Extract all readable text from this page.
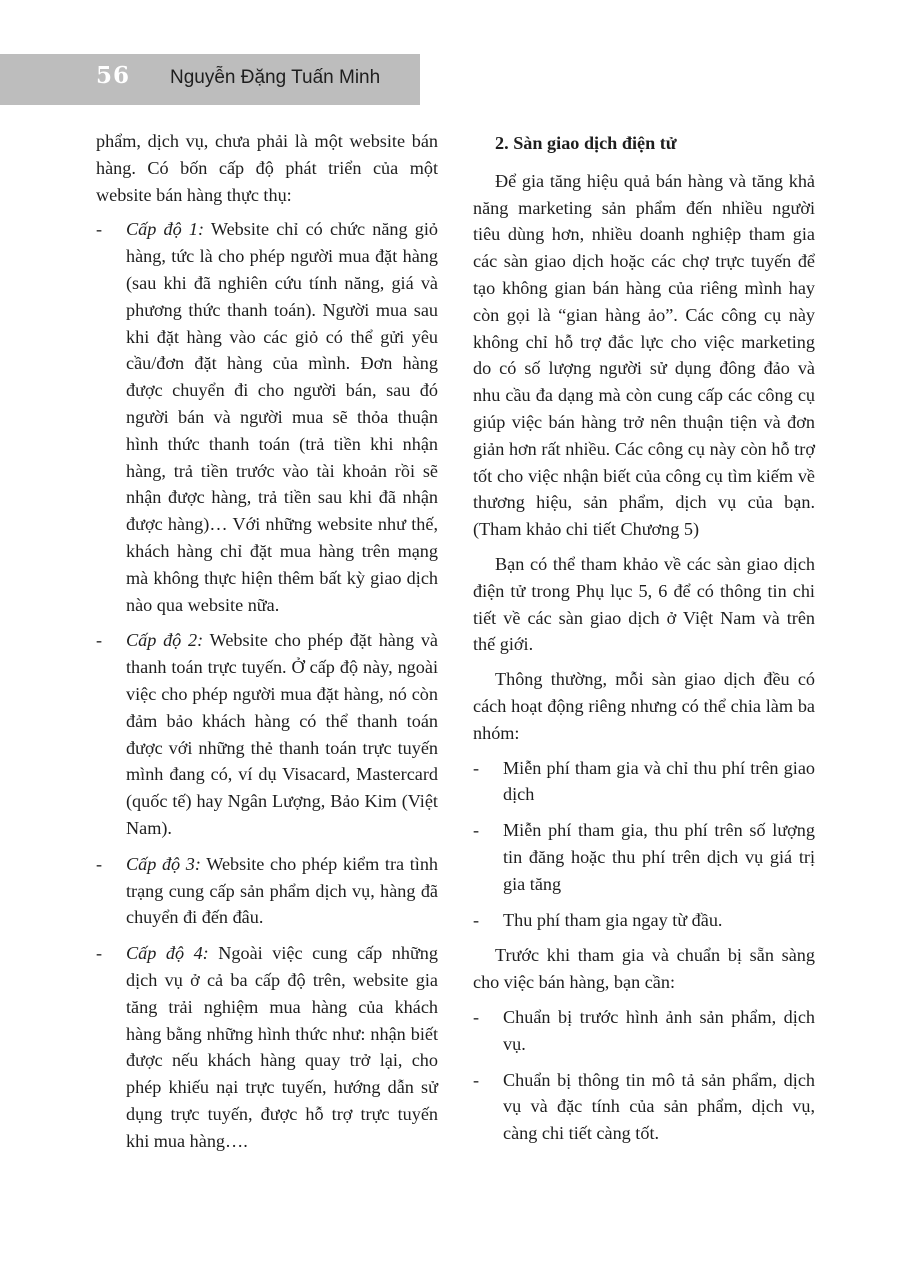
56 Nguyễn Đặng Tuấn Minh

phẩm, dịch vụ, chưa phải là một website bán hàng. Có bốn cấp độ phát triển của một website bán hàng thực thụ:

- Cấp độ 1: Website chỉ có chức năng giỏ hàng, tức là cho phép người mua đặt hàng (sau khi đã nghiên cứu tính năng, giá và phương thức thanh toán). Người mua sau khi đặt hàng vào các giỏ có thể gửi yêu cầu/đơn đặt hàng của mình. Đơn hàng được chuyển đi cho người bán, sau đó người bán và người mua sẽ thỏa thuận hình thức thanh toán (trả tiền khi nhận hàng, trả tiền trước vào tài khoản rồi sẽ nhận được hàng, trả tiền sau khi đã nhận được hàng)… Với những website như thế, khách hàng chỉ đặt mua hàng trên mạng mà không thực hiện thêm bất kỳ giao dịch nào qua website nữa.
- Cấp độ 2: Website cho phép đặt hàng và thanh toán trực tuyến. Ở cấp độ này, ngoài việc cho phép người mua đặt hàng, nó còn đảm bảo khách hàng có thể thanh toán được với những thẻ thanh toán trực tuyến mình đang có, ví dụ Visacard, Mastercard (quốc tế) hay Ngân Lượng, Bảo Kim (Việt Nam).
- Cấp độ 3: Website cho phép kiểm tra tình trạng cung cấp sản phẩm dịch vụ, hàng đã chuyển đi đến đâu.
- Cấp độ 4: Ngoài việc cung cấp những dịch vụ ở cả ba cấp độ trên, website gia tăng trải nghiệm mua hàng của khách hàng bằng những hình thức như: nhận biết được nếu khách hàng quay trở lại, cho phép khiếu nại trực tuyến, hướng dẫn sử dụng trực tuyến, được hỗ trợ trực tuyến khi mua hàng….

2. Sàn giao dịch điện tử

Để gia tăng hiệu quả bán hàng và tăng khả năng marketing sản phẩm đến nhiều người tiêu dùng hơn, nhiều doanh nghiệp tham gia các sàn giao dịch hoặc các chợ trực tuyến để tạo không gian bán hàng của riêng mình hay còn gọi là “gian hàng ảo”. Các công cụ này không chỉ hỗ trợ đắc lực cho việc marketing do có số lượng người sử dụng đông đảo và nhu cầu đa dạng mà còn cung cấp các công cụ giúp việc bán hàng trở nên thuận tiện và đơn giản hơn rất nhiều. Các công cụ này còn hỗ trợ tốt cho việc nhận biết của công cụ tìm kiếm về thương hiệu, sản phẩm, dịch vụ của bạn. (Tham khảo chi tiết Chương 5)

Bạn có thể tham khảo về các sàn giao dịch điện tử trong Phụ lục 5, 6 để có thông tin chi tiết về các sàn giao dịch ở Việt Nam và trên thế giới.

Thông thường, mỗi sàn giao dịch đều có cách hoạt động riêng nhưng có thể chia làm ba nhóm:

- Miễn phí tham gia và chỉ thu phí trên giao dịch
- Miễn phí tham gia, thu phí trên số lượng tin đăng hoặc thu phí trên dịch vụ giá trị gia tăng
- Thu phí tham gia ngay từ đầu.

Trước khi tham gia và chuẩn bị sẵn sàng cho việc bán hàng, bạn cần:

- Chuẩn bị trước hình ảnh sản phẩm, dịch vụ.
- Chuẩn bị thông tin mô tả sản phẩm, dịch vụ và đặc tính của sản phẩm, dịch vụ, càng chi tiết càng tốt.
